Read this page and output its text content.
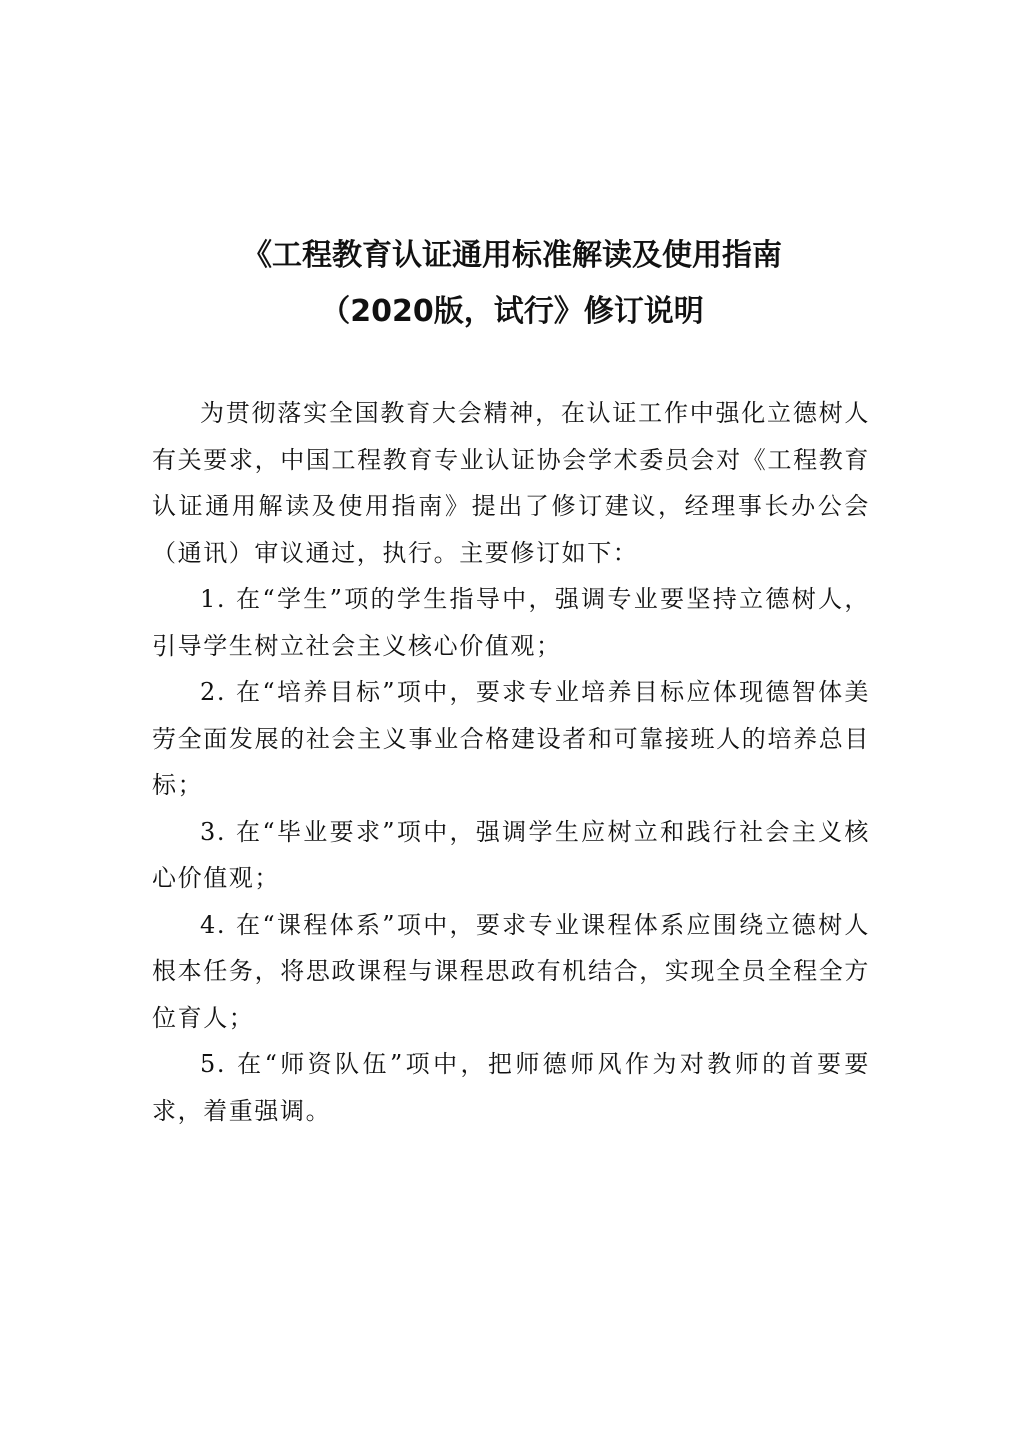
《工程教育认证通用标准解读及使用指南
（2020版，试行》修订说明

为贯彻落实全国教育大会精神，在认证工作中强化立德树人有关要求，中国工程教育专业认证协会学术委员会对《工程教育认证通用解读及使用指南》提出了修订建议，经理事长办公会（通讯）审议通过，执行。主要修订如下：

1. 在“学生”项的学生指导中，强调专业要坚持立德树人，引导学生树立社会主义核心价值观；

2. 在“培养目标”项中，要求专业培养目标应体现德智体美劳全面发展的社会主义事业合格建设者和可靠接班人的培养总目标；

3. 在“毕业要求”项中，强调学生应树立和践行社会主义核心价值观；

4. 在“课程体系”项中，要求专业课程体系应围绕立德树人根本任务，将思政课程与课程思政有机结合，实现全员全程全方位育人；

5. 在“师资队伍”项中，把师德师风作为对教师的首要要求，着重强调。
